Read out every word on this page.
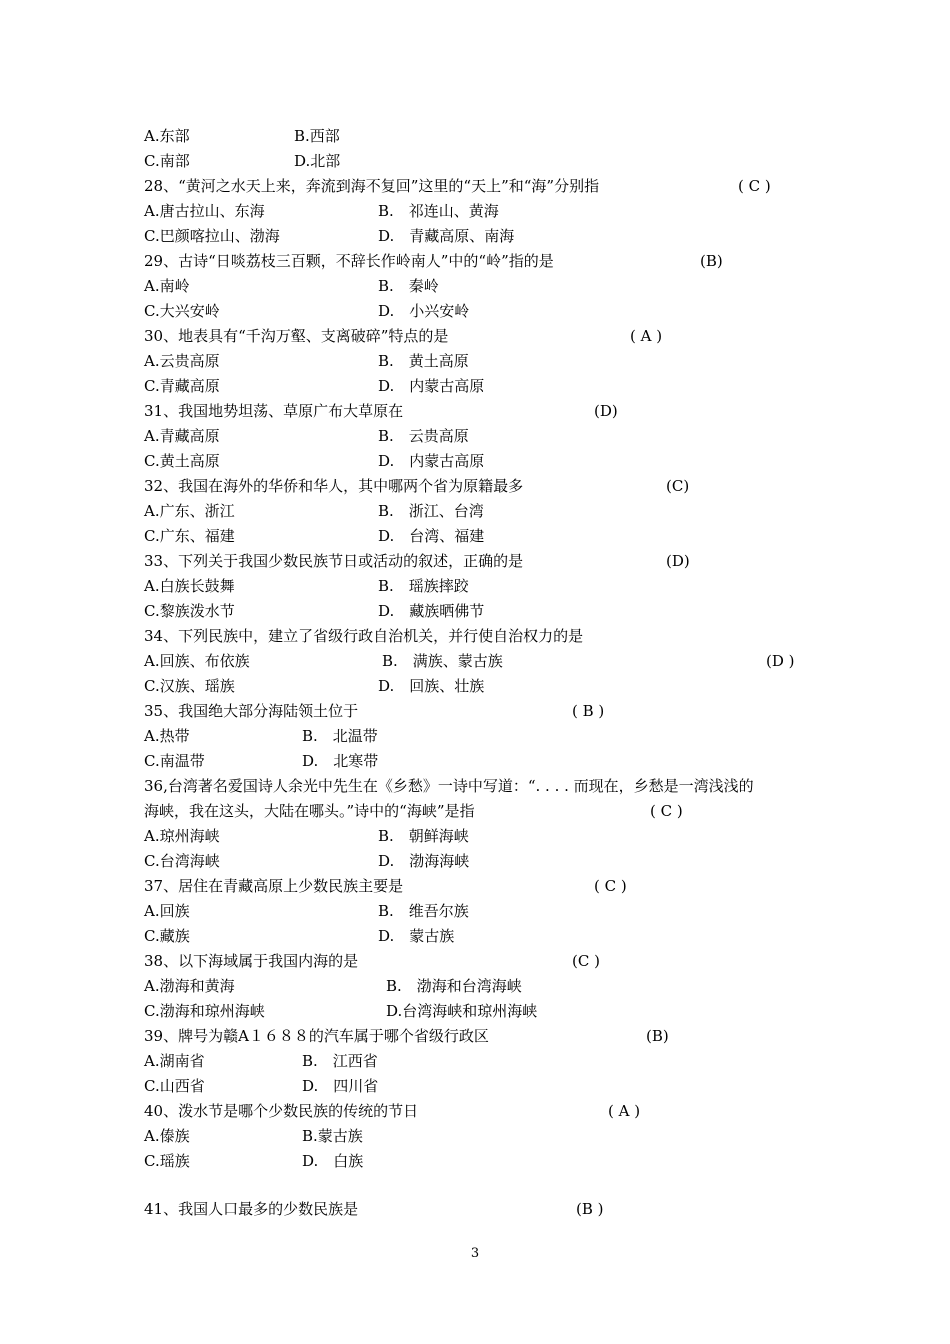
A.东部	B.西部
C.南部	D.北部
28、“黄河之水天上来，奔流到海不复回”这里的“天上”和“海”分别指	( C )
A.唐古拉山、东海	B.　祁连山、黄海
C.巴颜喀拉山、渤海	D.　青藏高原、南海
29、古诗“日啖荔枝三百颗，不辞长作岭南人”中的“岭”指的是	(B)
A.南岭	B.　秦岭
C.大兴安岭	D.　小兴安岭
30、地表具有“千沟万壑、支离破碎”特点的是	( A )
A.云贵高原	B.　黄土高原
C.青藏高原	D.　内蒙古高原
31、我国地势坦荡、草原广布大草原在	(D)
A.青藏高原	B.　云贵高原
C.黄土高原	D.　内蒙古高原
32、我国在海外的华侨和华人，其中哪两个省为原籍最多	(C)
A.广东、浙江	B.　浙江、台湾
C.广东、福建	D.　台湾、福建
33、下列关于我国少数民族节日或活动的叙述，正确的是	(D)
A.白族长鼓舞	B.　瑶族摔跤
C.黎族泼水节	D.　藏族晒佛节
34、下列民族中，建立了省级行政自治机关，并行使自治权力的是
A.回族、布依族	B.　满族、蒙古族	(D )
C.汉族、瑶族	D.　回族、壮族
35、我国绝大部分海陆领土位于	( B )
A.热带	B.　北温带
C.南温带	D.　北寒带
36,台湾著名爱国诗人余光中先生在《乡愁》一诗中写道：“. . . . 而现在，乡愁是一湾浅浅的
海峡，我在这头，大陆在哪头。”诗中的“海峡”是指	( C )
A.琼州海峡	B.　朝鲜海峡
C.台湾海峡	D.　渤海海峡
37、居住在青藏高原上少数民族主要是	( C )
A.回族	B.　维吾尔族
C.藏族	D.　蒙古族
38、以下海域属于我国内海的是	(C )
A.渤海和黄海	B.　渤海和台湾海峡
C.渤海和琼州海峡	D.台湾海峡和琼州海峡
39、牌号为赣A１６８８的汽车属于哪个省级行政区	(B)
A.湖南省	B.　江西省
C.山西省	D.　四川省
40、泼水节是哪个少数民族的传统的节日	( A )
A.傣族	B.蒙古族
C.瑶族	D.　白族
41、我国人口最多的少数民族是	(B )
3
